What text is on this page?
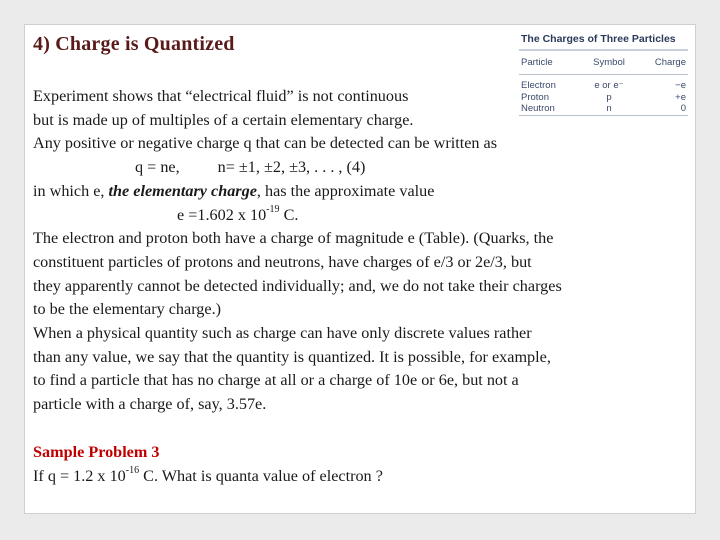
4) Charge is Quantized	The Charges of Three Particles
Particle	Symbol	Charge
Electron	e or e⁻	−e
Proton	p	+e
Neutron	n	0

Experiment shows that “electrical fluid” is not continuous

but is made up of multiples of a certain elementary charge.

Any positive or negative charge q that can be detected can be written as

q = ne, n= ±1, ±2, ±3, . . . , (4)

in which e, the elementary charge, has the approximate value

e =1.602 x $10^{-19}$ C.

The electron and proton both have a charge of magnitude e (Table). (Quarks, the

constituent particles of protons and neutrons, have charges of e/3 or 2e/3, but

they apparently cannot be detected individually; and, we do not take their charges

to be the elementary charge.)

When a physical quantity such as charge can have only discrete values rather

than any value, we say that the quantity is quantized. It is possible, for example,

to find a particle that has no charge at all or a charge of 10e or 6e, but not a

particle with a charge of, say, 3.57e.

Sample Problem 3

If q = 1.2 x $10^{-16}$ C. What is quanta value of electron ?
